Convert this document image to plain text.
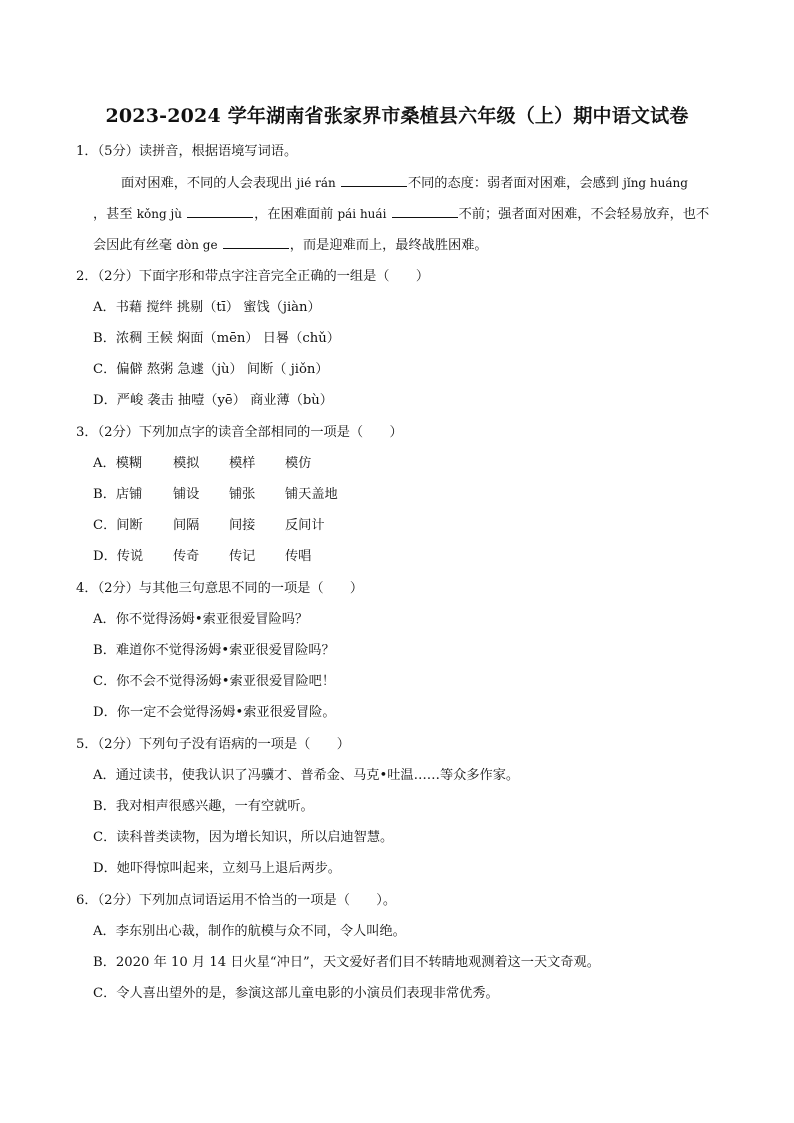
2023-2024 学年湖南省张家界市桑植县六年级（上）期中语文试卷
1．（5分）读拼音，根据语境写词语。
面对困难，不同的人会表现出 jié rán	不同的态度：弱者面对困难，会感到 jǐng huáng
，甚至 kǒng jù	，在困难面前 pái huái	不前；强者面对困难，不会轻易放弃，也不
会因此有丝毫 dòn ge	，而是迎难而上，最终战胜困难。
2．（2分）下面字形和带点字注音完全正确的一组是（　　）
A．书藉 搅绊 挑剔（tī） 蜜饯（jiàn）
B．浓稠 王候 焖面（mēn） 日晷（chǔ）
C．偏僻 熬粥 急遽（jù） 间断（ jiǒn）
D．严峻 袭击 抽噎（yē） 商业薄（bù）
3．（2分）下列加点字的读音全部相同的一项是（　　）
A．模糊 模拟 模样 模仿
B．店铺 铺设 铺张 铺天盖地
C．间断 间隔 间接 反间计
D．传说 传奇 传记 传唱
4．（2分）与其他三句意思不同的一项是（　　）
A．你不觉得汤姆•索亚很爱冒险吗？
B．难道你不觉得汤姆•索亚很爱冒险吗？
C．你不会不觉得汤姆•索亚很爱冒险吧！
D．你一定不会觉得汤姆•索亚很爱冒险。
5．（2分）下列句子没有语病的一项是（　　）
A．通过读书，使我认识了冯骥才、普希金、马克•吐温……等众多作家。
B．我对相声很感兴趣，一有空就听。
C．读科普类读物，因为增长知识，所以启迪智慧。
D．她吓得惊叫起来，立刻马上退后两步。
6．（2分）下列加点词语运用不恰当的一项是（　　）。
A．李东别出心裁，制作的航模与众不同，令人叫绝。
B．2020 年 10 月 14 日火星“冲日”，天文爱好者们目不转睛地观测着这一天文奇观。
C．令人喜出望外的是，参演这部儿童电影的小演员们表现非常优秀。
